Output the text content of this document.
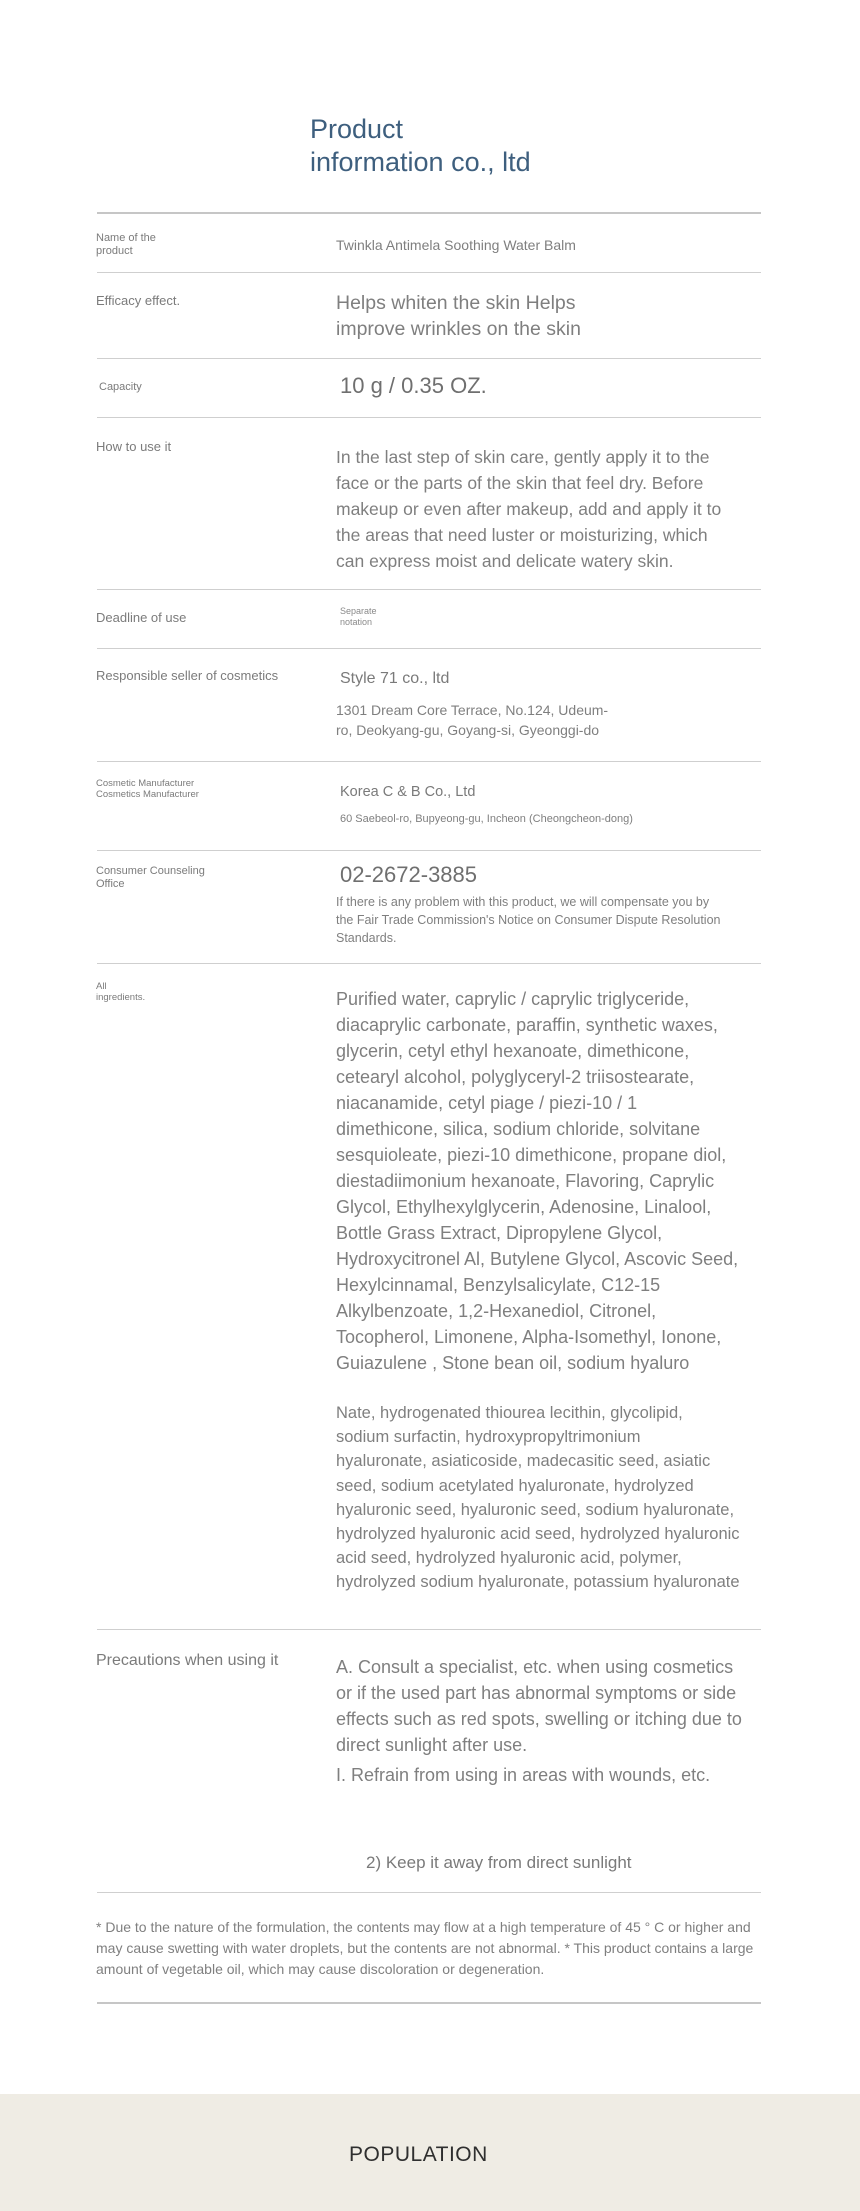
Product
information co., ltd
Name of the
product	Twinkla Antimela Soothing Water Balm
Efficacy effect.	Helps whiten the skin Helps
improve wrinkles on the skin
Capacity	10 g / 0.35 OZ.
How to use it
In the last step of skin care, gently apply it to the
face or the parts of the skin that feel dry. Before
makeup or even after makeup, add and apply it to
the areas that need luster or moisturizing, which
can express moist and delicate watery skin.
Deadline of use	Separate
notation
Responsible seller of cosmetics	Style 71 co., ltd
1301 Dream Core Terrace, No.124, Udeum-
ro, Deokyang-gu, Goyang-si, Gyeonggi-do
Cosmetic Manufacturer
Cosmetics Manufacturer	Korea C & B Co., Ltd
60 Saebeol-ro, Bupyeong-gu, Incheon (Cheongcheon-dong)
Consumer Counseling
Office	02-2672-3885
If there is any problem with this product, we will compensate you by
the Fair Trade Commission's Notice on Consumer Dispute Resolution
Standards.
All
ingredients.	Purified water, caprylic / caprylic triglyceride,
diacaprylic carbonate, paraffin, synthetic waxes,
glycerin, cetyl ethyl hexanoate, dimethicone,
cetearyl alcohol, polyglyceryl-2 triisostearate,
niacanamide, cetyl piage / piezi-10 / 1
dimethicone, silica, sodium chloride, solvitane
sesquioleate, piezi-10 dimethicone, propane diol,
diestadiimonium hexanoate, Flavoring, Caprylic
Glycol, Ethylhexylglycerin, Adenosine, Linalool,
Bottle Grass Extract, Dipropylene Glycol,
Hydroxycitronel Al, Butylene Glycol, Ascovic Seed,
Hexylcinnamal, Benzylsalicylate, C12-15
Alkylbenzoate, 1,2-Hexanediol, Citronel,
Tocopherol, Limonene, Alpha-Isomethyl, Ionone,
Guiazulene , Stone bean oil, sodium hyaluro
Nate, hydrogenated thiourea lecithin, glycolipid,
sodium surfactin, hydroxypropyltrimonium
hyaluronate, asiaticoside, madecasitic seed, asiatic
seed, sodium acetylated hyaluronate, hydrolyzed
hyaluronic seed, hyaluronic seed, sodium hyaluronate,
hydrolyzed hyaluronic acid seed, hydrolyzed hyaluronic
acid seed, hydrolyzed hyaluronic acid, polymer,
hydrolyzed sodium hyaluronate, potassium hyaluronate
Precautions when using it	A. Consult a specialist, etc. when using cosmetics
or if the used part has abnormal symptoms or side
effects such as red spots, swelling or itching due to
direct sunlight after use.
I. Refrain from using in areas with wounds, etc.
2) Keep it away from direct sunlight
* Due to the nature of the formulation, the contents may flow at a high temperature of 45 ° C or higher and may cause swetting with water droplets, but the contents are not abnormal. * This product contains a large amount of vegetable oil, which may cause discoloration or degeneration.
POPULATION
